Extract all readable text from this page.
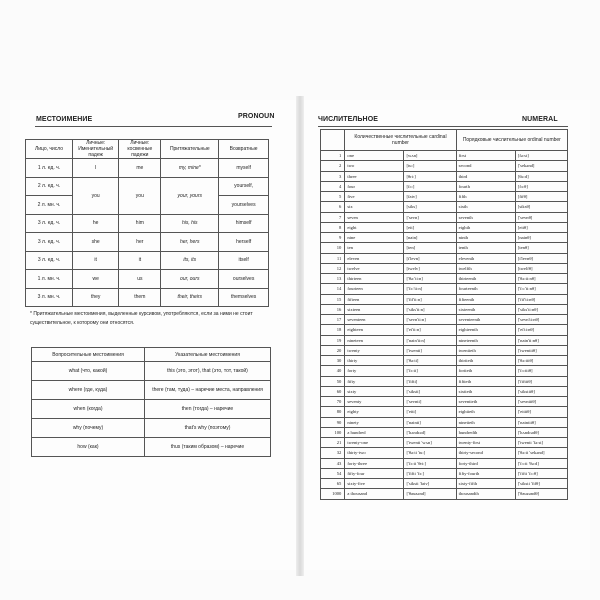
МЕСТОИМЕНИЕ	PRONOUN
Лицо, число	Личные: Именительный падеж	Личные: косвенные падежи	Притяжательные	Возвратные
1 л. ед. ч.	I	me	my, mine*	myself
2 л. ед. ч.	you	you	your, yours	yourself,
2 л. мн. ч.				yourselves
3 л. ед. ч.	he	him	his, his	himself
3 л. ед. ч.	she	her	her, hers	herself
3 л. ед. ч.	it	it	its, its	itself
1 л. мн. ч.	we	us	our, ours	ourselves
3 л. мн. ч.	they	them	their, theirs	themselves
* Притяжательные местоимения, выделенные курсивом, употребляются, если за ними не стоит существительное, к которому они относятся.
Вопросительные местоимения	Указательные местоимения
what (что, какой)	this (это, этот), that (это, тот, такой)
where (где, куда)	there (там, туда) – наречие места, направления
when (когда)	then (тогда) – наречие
why (почему)	that's why (поэтому)
how (как)	thus (таким образом) – наречие
ЧИСЛИТЕЛЬНОЕ	NUMERAL
	Количественные числительные cardinal number		Порядковые числительные ordinal number	
1	one	[wʌn]	first	[fə:st]
2	two	[tu:]	second	['sekənd]
3	three	[θri:]	third	[θə:d]
4	four	[fɔ:]	fourth	[fɔ:θ]
5	five	[faiv]	fifth	[fifθ]
6	six	[siks]	sixth	[siksθ]
7	seven	['sevn]	seventh	['sevnθ]
8	eight	[eit]	eighth	[eitθ]
9	nine	[nain]	ninth	[nainθ]
10	ten	[ten]	tenth	[tenθ]
11	eleven	[i'levn]	eleventh	[i'levnθ]
12	twelve	[twelv]	twelfth	[twelfθ]
13	thirteen	['θə:'ti:n]	thirteenth	['θə:ti:nθ]
14	fourteen	['fɔ:'ti:n]	fourteenth	['fɔ:'ti:nθ]
15	fifteen	['fif'ti:n]	fifteenth	['fif'ti:nθ]
16	sixteen	['siks'ti:n]	sixteenth	['siks'ti:nθ]
17	seventeen	['sevn'ti:n]	seventeenth	['sevn'ti:nθ]
18	eighteen	['ei'ti:n]	eighteenth	['ei'ti:nθ]
19	nineteen	['nain'ti:n]	nineteenth	['nain'ti:nθ]
20	twenty	['twenti]	twentieth	['twentiiθ]
30	thirty	['θə:ti]	thirtieth	['θə:tiiθ]
40	forty	['fɔ:ti]	fortieth	['fɔ:tiiθ]
50	fifty	['fifti]	fiftieth	['fiftiiθ]
60	sixty	['siksti]	sixtieth	['sikstiiθ]
70	seventy	['sevnti]	seventieth	['sevntiiθ]
80	eighty	['eiti]	eightieth	['eitiiθ]
90	ninety	['nainti]	ninetieth	['naintiiθ]
100	a hundred	['hʌndrəd]	hundredth	['hʌndrədθ]
21	twenty-one	['twenti 'wʌn]	twenty-first	['twenti 'fə:st]
32	thirty-two	['θə:ti 'tu:]	thirty-second	['θə:ti 'sekənd]
43	forty-three	['fɔ:ti 'θri:]	forty-third	['fɔ:ti 'θə:d]
54	fifty-four	['fifti 'fɔ:]	fifty-fourth	['fifti 'fɔ:θ]
65	sixty-five	['siksti 'faiv]	sixty-fifth	['siksti 'fifθ]
1000	a thousand	['θauzənd]	thousandth	['θauzəndθ]
